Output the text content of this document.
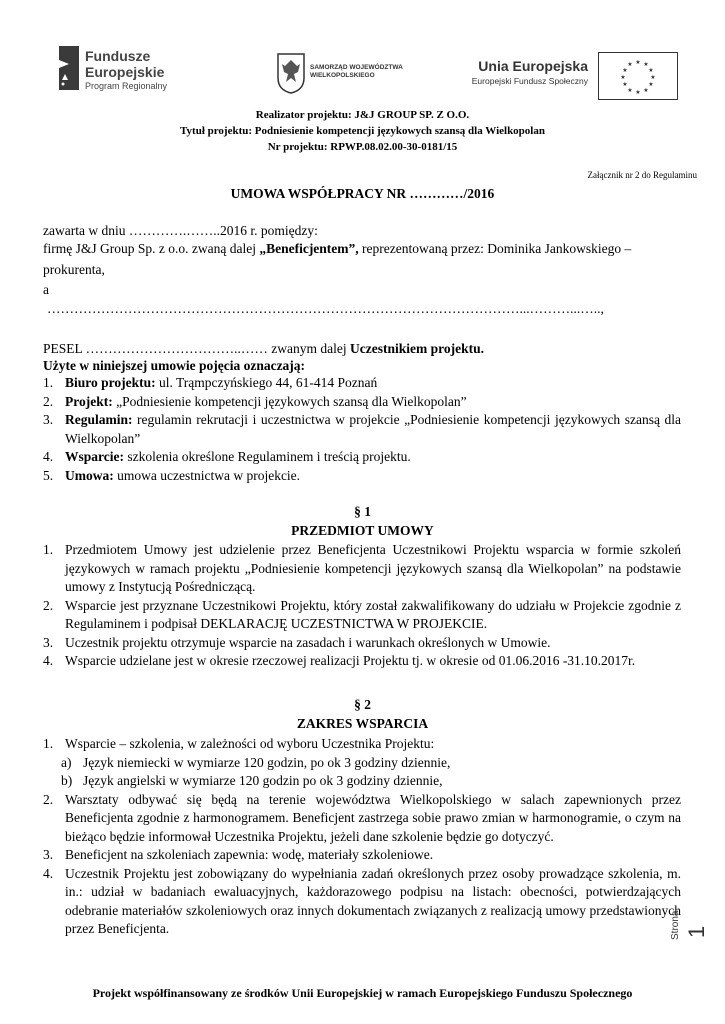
Fundusze
Europejskie
Program Regionalny
SAMORZĄD WOJEWÓDZTWA
WIELKOPOLSKIEGO
Unia Europejska
Europejski Fundusz Społeczny
★ ★
★
★
★
★
★
★
★
★
★
★
Realizator projektu: J&J GROUP SP. Z O.O.
Tytuł projektu: Podniesienie kompetencji językowych szansą dla Wielkopolan
Nr projektu: RPWP.08.02.00-30-0181/15
Załącznik nr 2 do Regulaminu
UMOWA WSPÓŁPRACY NR …………/2016
zawarta w dniu ………….……..2016 r. pomiędzy:
firmę J&J Group Sp. z o.o. zwaną dalej „Beneficjentem”, reprezentowaną przez: Dominika Jankowskiego –
prokurenta,
a
……………………………………………………………………………………………...………...…..,
PESEL ……………………………..…… zwanym dalej Uczestnikiem projektu.
Użyte w niniejszej umowie pojęcia oznaczają:
1. Biuro projektu: ul. Trąmpczyńskiego 44, 61-414 Poznań
2. Projekt: „Podniesienie kompetencji językowych szansą dla Wielkopolan”
3. Regulamin: regulamin rekrutacji i uczestnictwa w projekcie „Podniesienie kompetencji językowych szansą dla Wielkopolan”
4. Wsparcie: szkolenia określone Regulaminem i treścią projektu.
5. Umowa: umowa uczestnictwa w projekcie.
§ 1
PRZEDMIOT UMOWY
1. Przedmiotem Umowy jest udzielenie przez Beneficjenta Uczestnikowi Projektu wsparcia w formie szkoleń językowych w ramach projektu „Podniesienie kompetencji językowych szansą dla Wielkopolan” na podstawie umowy z Instytucją Pośredniczącą.
2. Wsparcie jest przyznane Uczestnikowi Projektu, który został zakwalifikowany do udziału w Projekcie zgodnie z Regulaminem i podpisał DEKLARACJĘ UCZESTNICTWA W PROJEKCIE.
3. Uczestnik projektu otrzymuje wsparcie na zasadach i warunkach określonych w Umowie.
4. Wsparcie udzielane jest w okresie rzeczowej realizacji Projektu tj. w okresie od 01.06.2016 -31.10.2017r.
§ 2
ZAKRES WSPARCIA
1. Wsparcie – szkolenia, w zależności od wyboru Uczestnika Projektu:
a) Język niemiecki w wymiarze 120 godzin, po ok 3 godziny dziennie,
b) Język angielski w wymiarze 120 godzin po ok 3 godziny dziennie,
2. Warsztaty odbywać się będą na terenie województwa Wielkopolskiego w salach zapewnionych przez Beneficjenta zgodnie z harmonogramem. Beneficjent zastrzega sobie prawo zmian w harmonogramie, o czym na bieżąco będzie informował Uczestnika Projektu, jeżeli dane szkolenie będzie go dotyczyć.
3. Beneficjent na szkoleniach zapewnia: wodę, materiały szkoleniowe.
4. Uczestnik Projektu jest zobowiązany do wypełniania zadań określonych przez osoby prowadzące szkolenia, m. in.: udział w badaniach ewaluacyjnych, każdorazowego podpisu na listach: obecności, potwierdzających odebranie materiałów szkoleniowych oraz innych dokumentach związanych z realizacją umowy przedstawionych przez Beneficjenta.	Strona 1
Projekt współfinansowany ze środków Unii Europejskiej w ramach Europejskiego Funduszu Społecznego
